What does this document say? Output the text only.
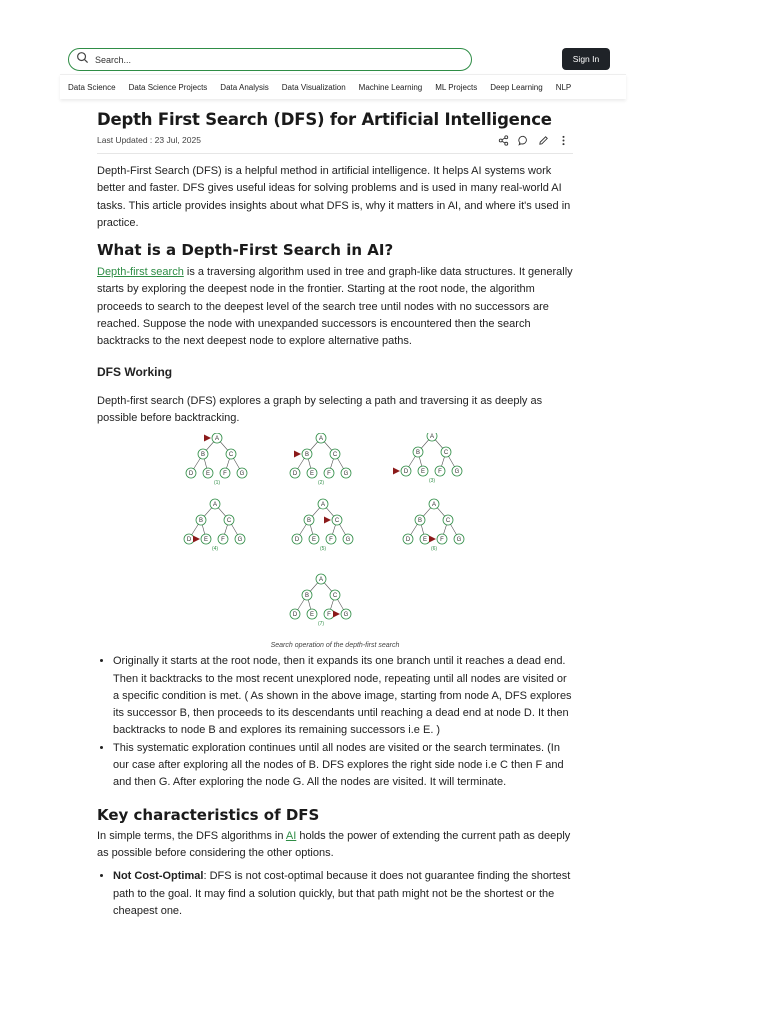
Search...
Sign In
Data Science Data Science Projects Data Analysis Data Visualization Machine Learning ML Projects Deep Learning NLP
Depth First Search (DFS) for Artificial Intelligence
Last Updated : 23 Jul, 2025

Depth-First Search (DFS) is a helpful method in artificial intelligence. It helps AI systems work better and faster. DFS gives useful ideas for solving problems and is used in many real-world AI tasks. This article provides insights about what DFS is, why it matters in AI, and where it's used in practice.

What is a Depth-First Search in AI?

Depth-first search is a traversing algorithm used in tree and graph-like data structures. It generally starts by exploring the deepest node in the frontier. Starting at the root node, the algorithm proceeds to search to the deepest level of the search tree until nodes with no successors are reached. Suppose the node with unexpanded successors is encountered then the search backtracks to the next deepest node to explore alternative paths.

DFS Working

Depth-first search (DFS) explores a graph by selecting a path and traversing it as deeply as possible before backtracking.

A
B	C
D E F G
(1)
A
B	C
D E F G
(2)
A
B	C
D E F G
(3)
A
B	C
D E F G
(4)
A
B	C
D E F G
(5)
A
B	C
D E F G
(6)
A
B	C
D E F G
(7)
Search operation of the depth-first search
• Originally it starts at the root node, then it expands its one branch until it reaches a dead end. Then it backtracks to the most recent unexplored node, repeating until all nodes are visited or a specific condition is met. ( As shown in the above image, starting from node A, DFS explores its successor B, then proceeds to its descendants until reaching a dead end at node D. It then backtracks to node B and explores its remaining successors i.e E. )
• This systematic exploration continues until all nodes are visited or the search terminates. (In our case after exploring all the nodes of B. DFS explores the right side node i.e C then F and and then G. After exploring the node G. All the nodes are visited. It will terminate.
Key characteristics of DFS

In simple terms, the DFS algorithms in AI holds the power of extending the current path as deeply as possible before considering the other options.

• Not Cost-Optimal: DFS is not cost-optimal because it does not guarantee finding the shortest path to the goal. It may find a solution quickly, but that path might not be the shortest or the cheapest one.
